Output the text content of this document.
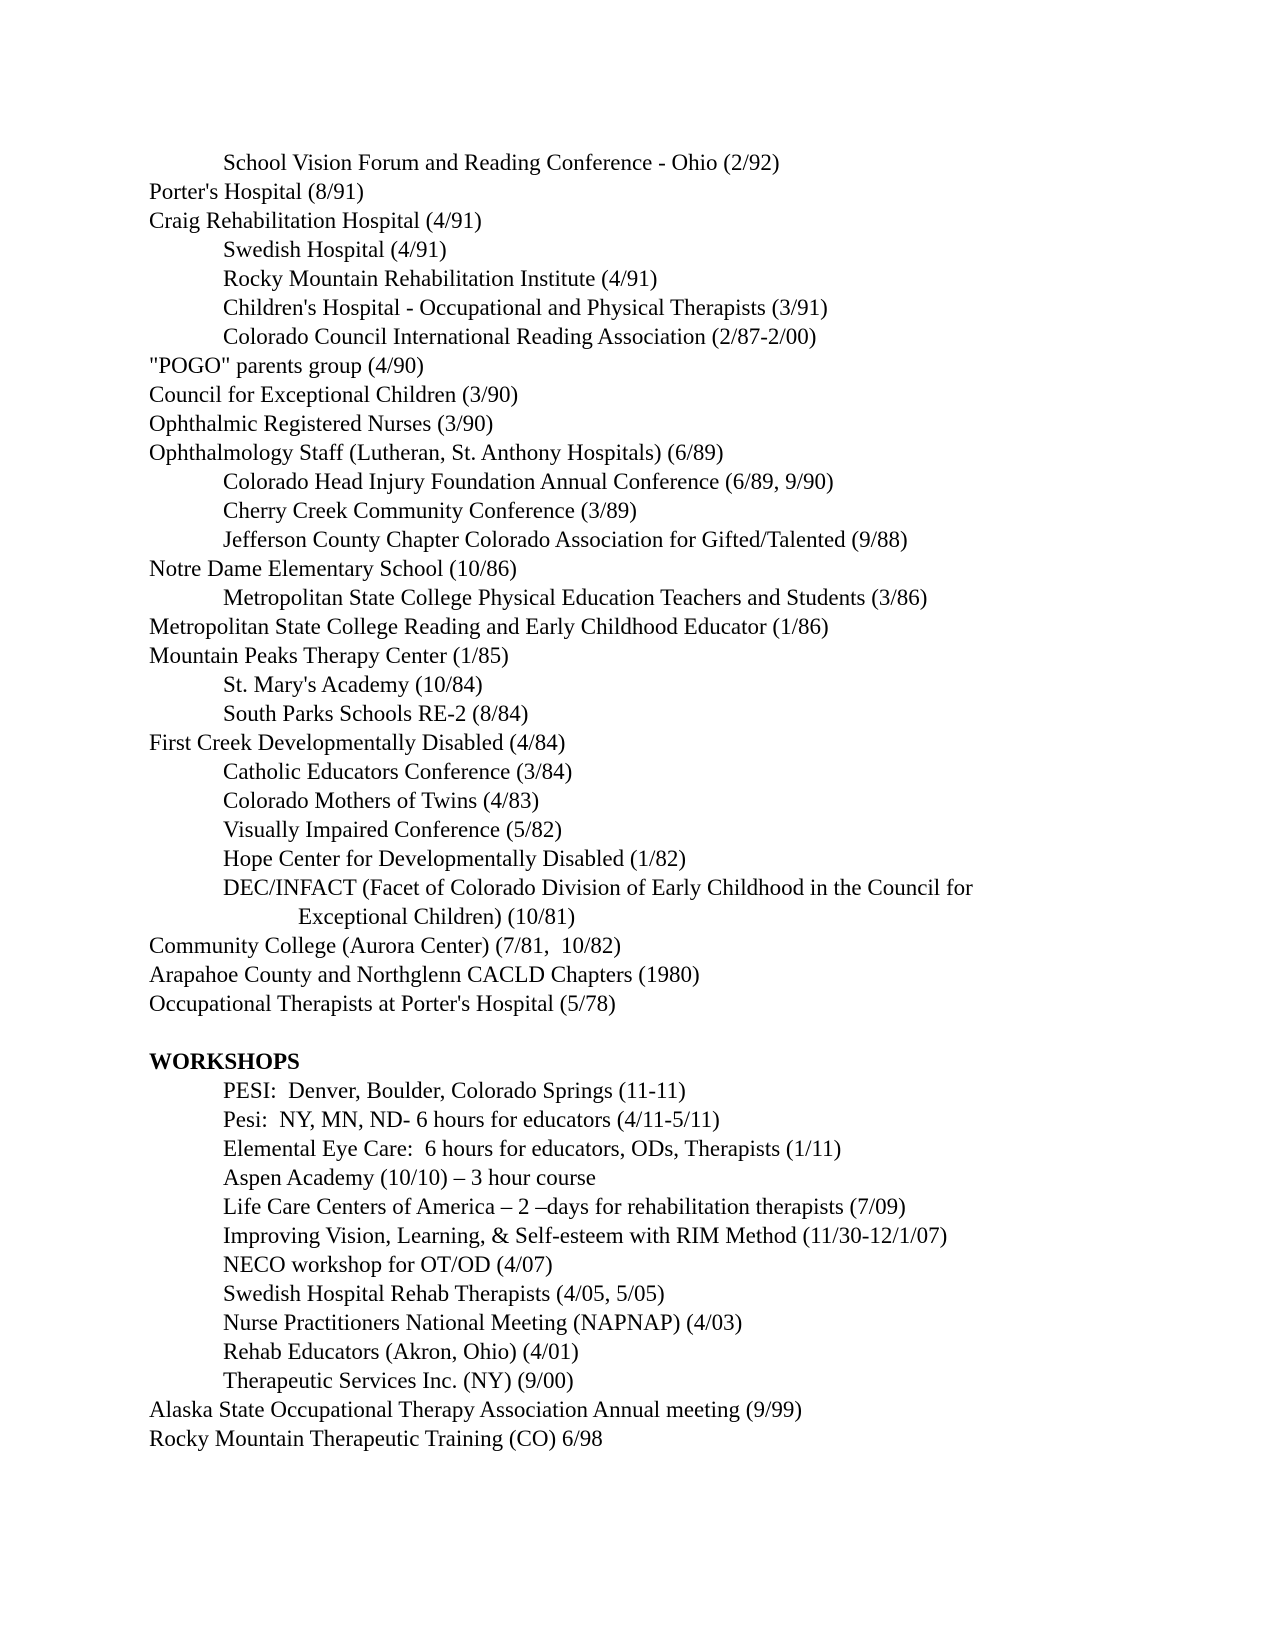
School Vision Forum and Reading Conference - Ohio (2/92)
Porter's Hospital (8/91)
Craig Rehabilitation Hospital (4/91)
Swedish Hospital (4/91)
Rocky Mountain Rehabilitation Institute (4/91)
Children's Hospital - Occupational and Physical Therapists (3/91)
Colorado Council International Reading Association (2/87-2/00)
"POGO" parents group (4/90)
Council for Exceptional Children (3/90)
Ophthalmic Registered Nurses (3/90)
Ophthalmology Staff (Lutheran, St. Anthony Hospitals) (6/89)
Colorado Head Injury Foundation Annual Conference (6/89, 9/90)
Cherry Creek Community Conference (3/89)
Jefferson County Chapter Colorado Association for Gifted/Talented (9/88)
Notre Dame Elementary School (10/86)
Metropolitan State College Physical Education Teachers and Students (3/86)
Metropolitan State College Reading and Early Childhood Educator (1/86)
Mountain Peaks Therapy Center (1/85)
St. Mary's Academy (10/84)
South Parks Schools RE-2 (8/84)
First Creek Developmentally Disabled (4/84)
Catholic Educators Conference (3/84)
Colorado Mothers of Twins (4/83)
Visually Impaired Conference (5/82)
Hope Center for Developmentally Disabled (1/82)
DEC/INFACT (Facet of Colorado Division of Early Childhood in the Council for
Exceptional Children) (10/81)
Community College (Aurora Center) (7/81,  10/82)
Arapahoe County and Northglenn CACLD Chapters (1980)
Occupational Therapists at Porter's Hospital (5/78)
WORKSHOPS
PESI:  Denver, Boulder, Colorado Springs (11-11)
Pesi:  NY, MN, ND- 6 hours for educators (4/11-5/11)
Elemental Eye Care:  6 hours for educators, ODs, Therapists (1/11)
Aspen Academy (10/10) – 3 hour course
Life Care Centers of America – 2 –days for rehabilitation therapists (7/09)
Improving Vision, Learning, & Self-esteem with RIM Method (11/30-12/1/07)
NECO workshop for OT/OD (4/07)
Swedish Hospital Rehab Therapists (4/05, 5/05)
Nurse Practitioners National Meeting (NAPNAP) (4/03)
Rehab Educators (Akron, Ohio) (4/01)
Therapeutic Services Inc. (NY) (9/00)
Alaska State Occupational Therapy Association Annual meeting (9/99)
Rocky Mountain Therapeutic Training (CO) 6/98
